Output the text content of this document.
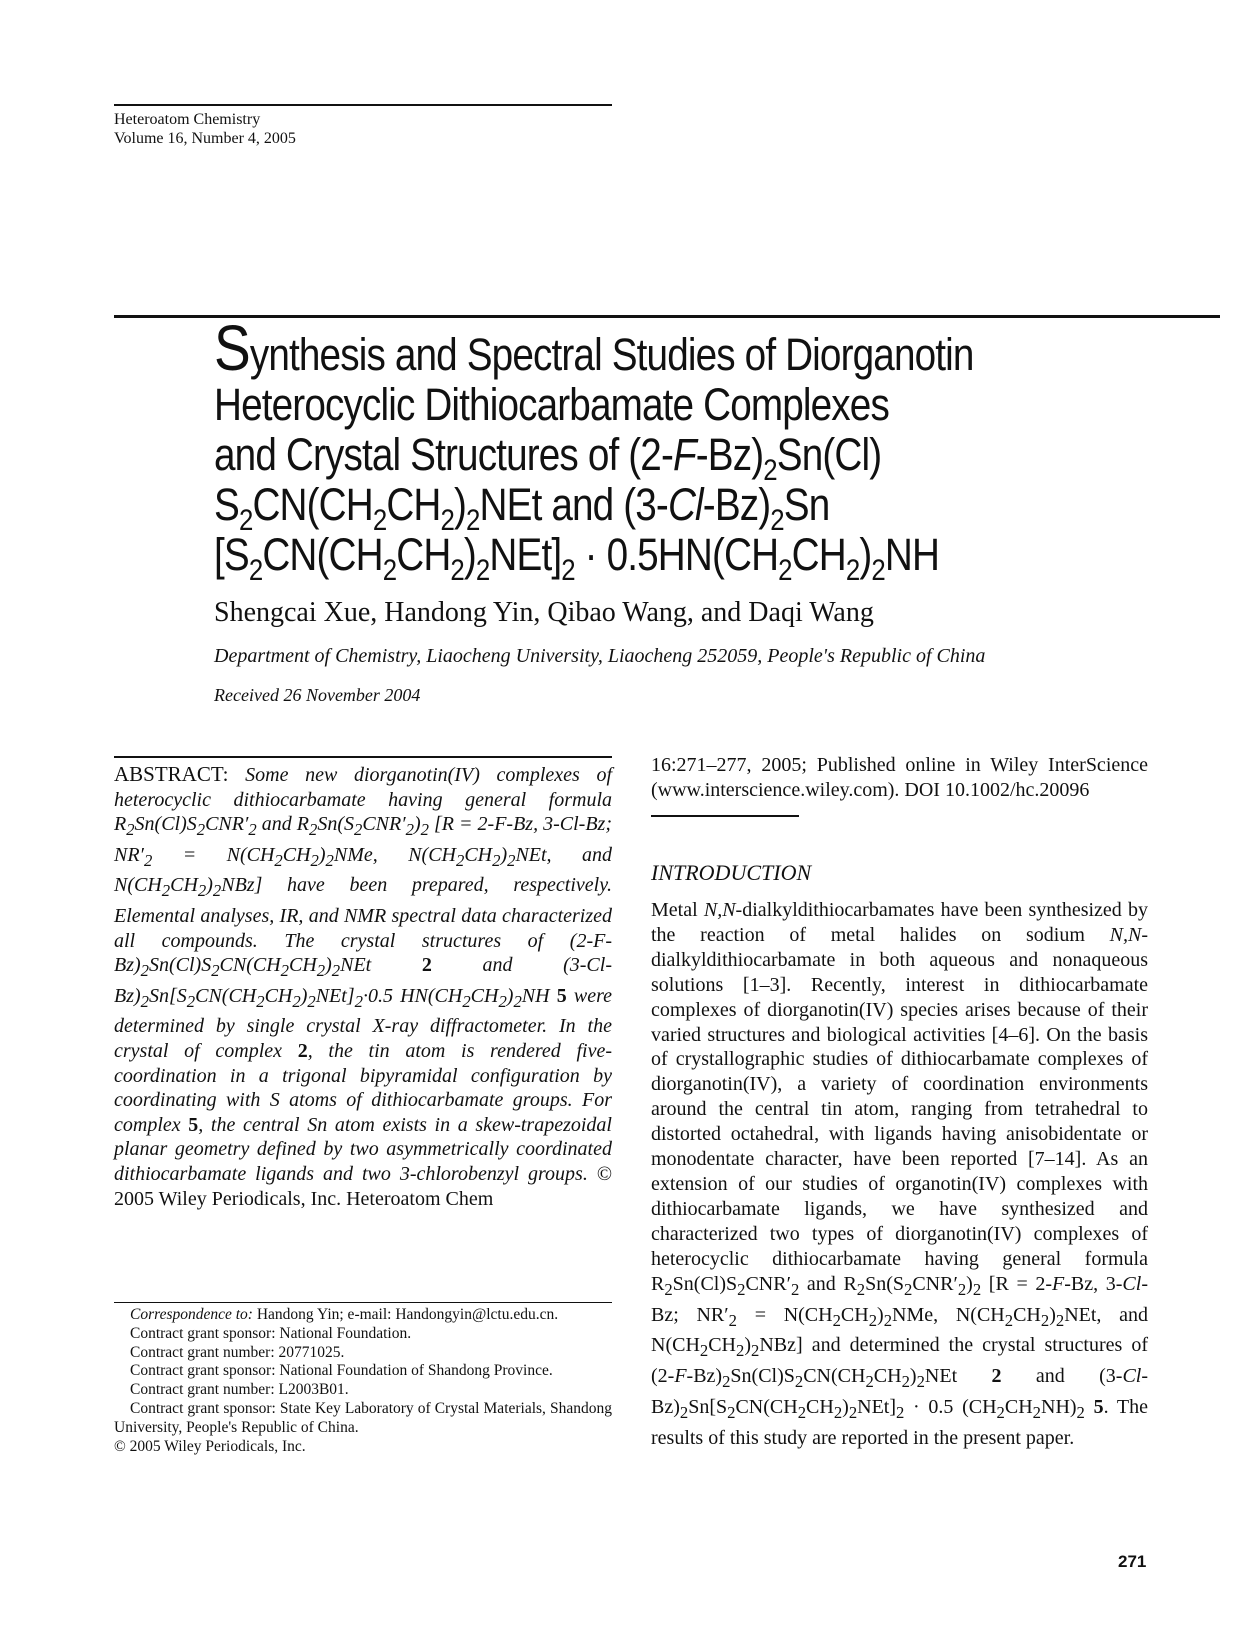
Heteroatom Chemistry
Volume 16, Number 4, 2005
Synthesis and Spectral Studies of Diorganotin
Heterocyclic Dithiocarbamate Complexes
and Crystal Structures of $(2-F-Bz)_2Sn(Cl)$
$S_2CN(CH_2CH_2)_2NEt$ and $(3-Cl-Bz)_2Sn$
$[S_2CN(CH_2CH_2)_2NEt]_2 \cdot 0.5HN(CH_2CH_2)_2NH$
Shengcai Xue, Handong Yin, Qibao Wang, and Daqi Wang
Department of Chemistry, Liaocheng University, Liaocheng 252059, People's Republic of China
Received 26 November 2004
ABSTRACT: Some new diorganotin(IV) complexes of heterocyclic dithiocarbamate having general formula $R_2Sn(Cl)S_2CNR'_2$ and $R_2Sn(S_2CNR'_2)_2$ [R = 2-F-Bz, 3-Cl-Bz; $NR'_2 = N(CH_2CH_2)_2NMe$, $N(CH_2CH_2)_2NEt$, and $N(CH_2CH_2)_2NBz$] have been prepared, respectively. Elemental analyses, IR, and NMR spectral data characterized all compounds. The crystal structures of $(2-F-Bz)_2Sn(Cl)S_2CN(CH_2CH_2)_2NEt$ 2 and $(3-Cl-Bz)_2Sn[S_2CN(CH_2CH_2)_2NEt]_2\cdot 0.5$ $HN(CH_2CH_2)_2NH$ 5 were determined by single crystal X-ray diffractometer. In the crystal of complex 2, the tin atom is rendered five-coordination in a trigonal bipyramidal configuration by coordinating with S atoms of dithiocarbamate groups. For complex 5, the central Sn atom exists in a skew-trapezoidal planar geometry defined by two asymmetrically coordinated dithiocarbamate ligands and two 3-chlorobenzyl groups. © 2005 Wiley Periodicals, Inc. Heteroatom Chem
16:271–277, 2005; Published online in Wiley InterScience (www.interscience.wiley.com). DOI 10.1002/hc.20096
INTRODUCTION
Metal N,N-dialkyldithiocarbamates have been synthesized by the reaction of metal halides on sodium N,N-dialkyldithiocarbamate in both aqueous and nonaqueous solutions [1–3]. Recently, interest in dithiocarbamate complexes of diorganotin(IV) species arises because of their varied structures and biological activities [4–6]. On the basis of crystallographic studies of dithiocarbamate complexes of diorganotin(IV), a variety of coordination environments around the central tin atom, ranging from tetrahedral to distorted octahedral, with ligands having anisobidentate or monodentate character, have been reported [7–14]. As an extension of our studies of organotin(IV) complexes with dithiocarbamate ligands, we have synthesized and characterized two types of diorganotin(IV) complexes of heterocyclic dithiocarbamate having general formula $R_2Sn(Cl)S_2CNR'_2$ and $R_2Sn(S_2CNR'_2)_2$ [R = 2-F-Bz, 3-Cl-Bz; $NR'_2 = N(CH_2CH_2)_2NMe$, $N(CH_2CH_2)_2NEt$, and $N(CH_2CH_2)_2NBz$] and determined the crystal structures of $(2-F-Bz)_2Sn(Cl)S_2CN(CH_2CH_2)_2NEt$ 2 and $(3-Cl-Bz)_2Sn[S_2CN(CH_2CH_2)_2NEt]_2 \cdot 0.5$ $(CH_2CH_2NH)_2$ 5. The results of this study are reported in the present paper.

Correspondence to: Handong Yin; e-mail: Handongyin@lctu.edu.cn.

Contract grant sponsor: National Foundation.

Contract grant number: 20771025.

Contract grant sponsor: National Foundation of Shandong Province.

Contract grant number: L2003B01.

Contract grant sponsor: State Key Laboratory of Crystal Materials, Shandong University, People's Republic of China.

© 2005 Wiley Periodicals, Inc.

271
